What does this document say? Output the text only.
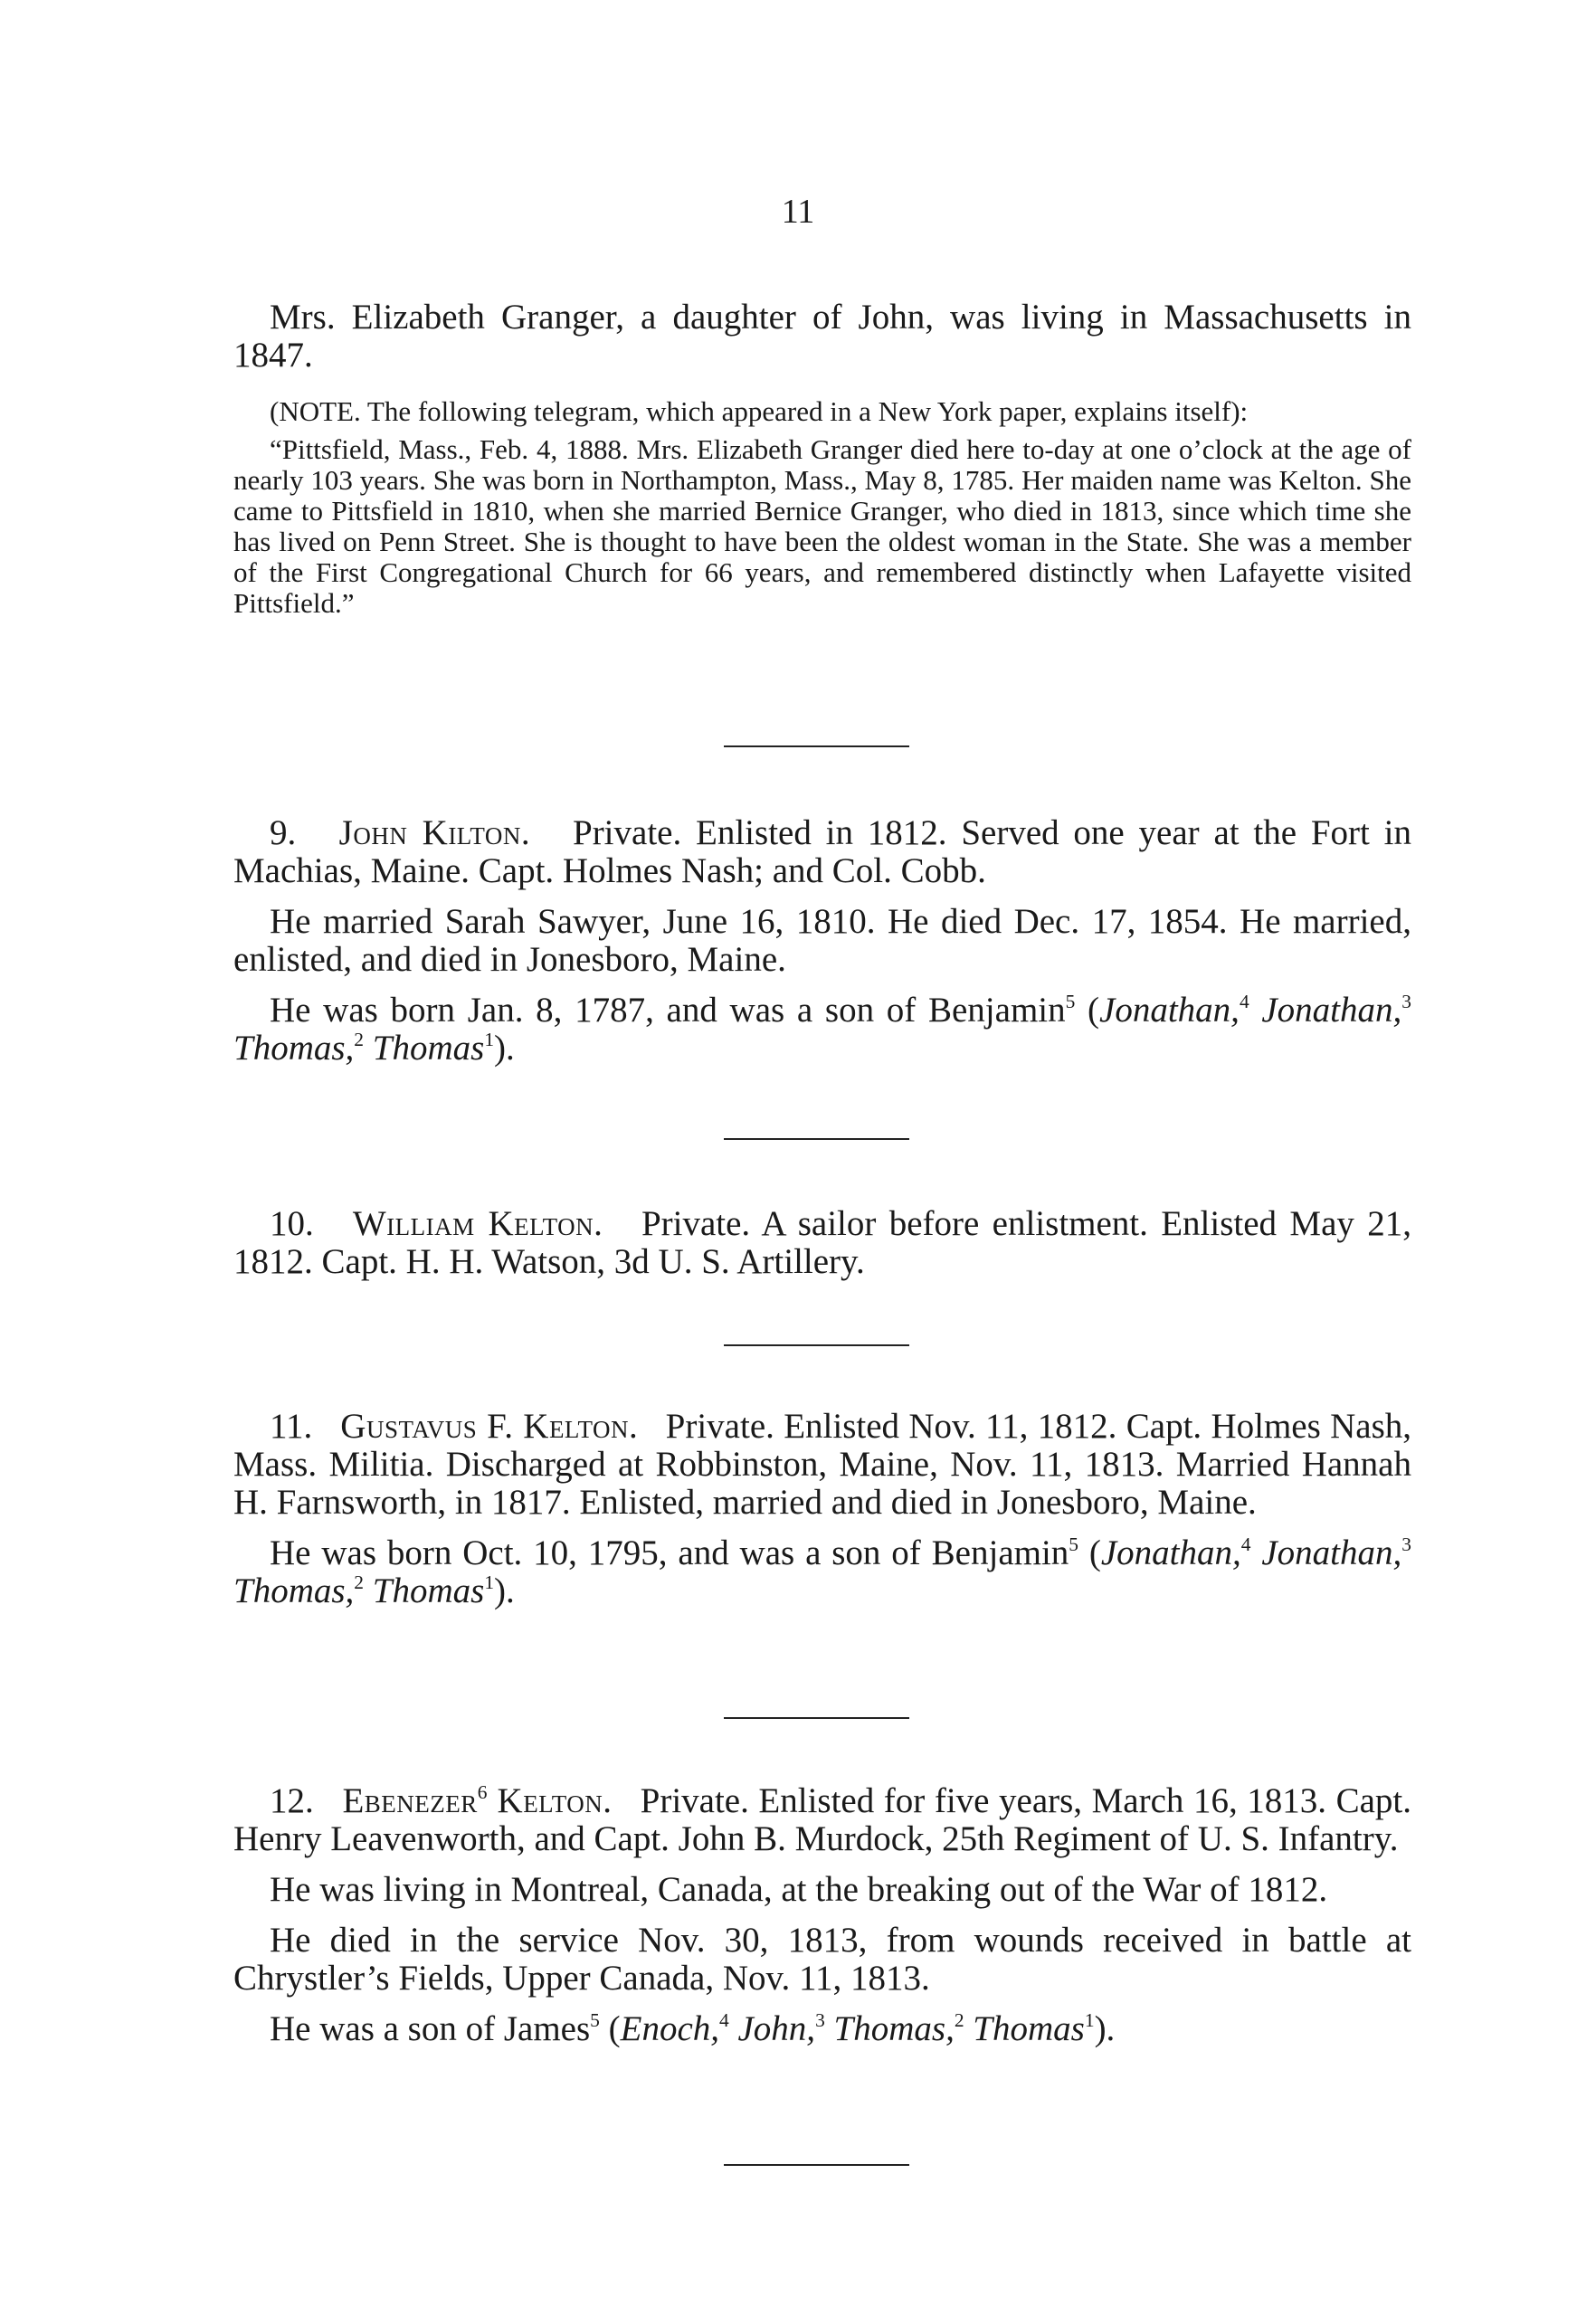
11

Mrs. Elizabeth Granger, a daughter of John, was living in Massachusetts in 1847.

(NOTE. The following telegram, which appeared in a New York paper, explains itself):

“Pittsfield, Mass., Feb. 4, 1888. Mrs. Elizabeth Granger died here to-day at one o’clock at the age of nearly 103 years. She was born in Northampton, Mass., May 8, 1785. Her maiden name was Kelton. She came to Pittsfield in 1810, when she married Bernice Granger, who died in 1813, since which time she has lived on Penn Street. She is thought to have been the oldest woman in the State. She was a member of the First Congregational Church for 66 years, and remembered distinctly when Lafayette visited Pittsfield.”

9. John Kilton. Private. Enlisted in 1812. Served one year at the Fort in Machias, Maine. Capt. Holmes Nash; and Col. Cobb.

He married Sarah Sawyer, June 16, 1810. He died Dec. 17, 1854. He married, enlisted, and died in Jonesboro, Maine.

He was born Jan. 8, 1787, and was a son of Benjamin$^5$ (Jonathan,$^4$ Jonathan,$^3$ Thomas,$^2$ Thomas$^1$).

10. William Kelton. Private. A sailor before enlistment. Enlisted May 21, 1812. Capt. H. H. Watson, 3d U. S. Artillery.

11. Gustavus F. Kelton. Private. Enlisted Nov. 11, 1812. Capt. Holmes Nash, Mass. Militia. Discharged at Robbinston, Maine, Nov. 11, 1813. Married Hannah H. Farnsworth, in 1817. Enlisted, married and died in Jonesboro, Maine.

He was born Oct. 10, 1795, and was a son of Benjamin$^5$ (Jonathan,$^4$ Jonathan,$^3$ Thomas,$^2$ Thomas$^1$).

12. Ebenezer$^6$ Kelton. Private. Enlisted for five years, March 16, 1813. Capt. Henry Leavenworth, and Capt. John B. Murdock, 25th Regiment of U. S. Infantry.

He was living in Montreal, Canada, at the breaking out of the War of 1812.

He died in the service Nov. 30, 1813, from wounds received in battle at Chrystler’s Fields, Upper Canada, Nov. 11, 1813.

He was a son of James$^5$ (Enoch,$^4$ John,$^3$ Thomas,$^2$ Thomas$^1$).
